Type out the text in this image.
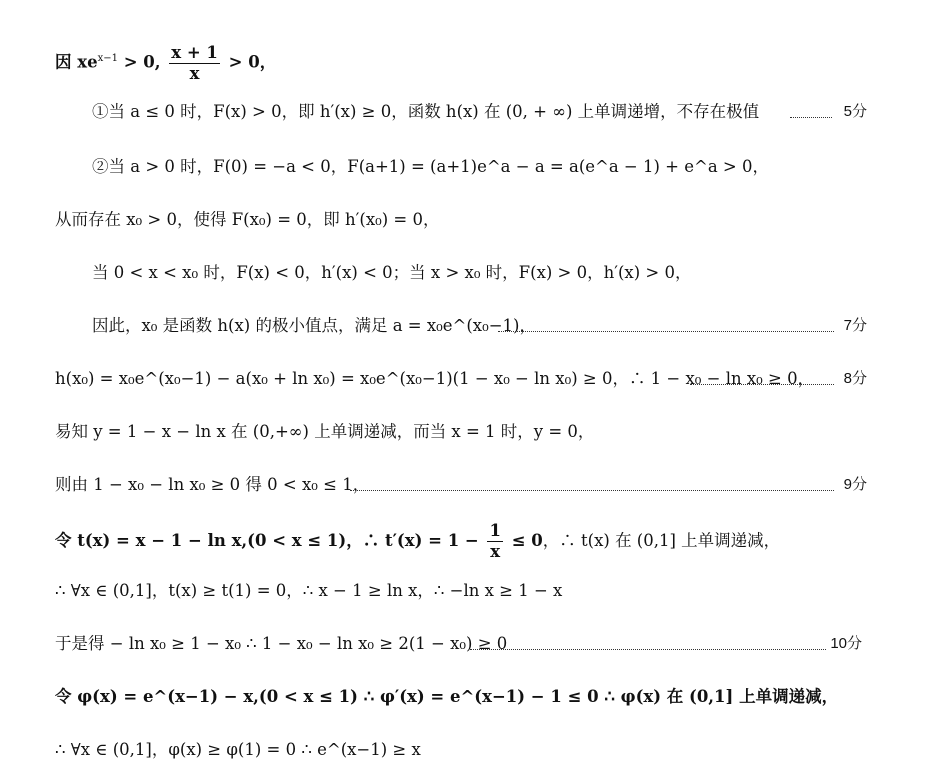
因 $xe^{x-1} > 0$, $\frac{x + 1}{x} > 0$，
①当 a ≤ 0 时，F(x) > 0，即 h′(x) ≥ 0，函数 h(x) 在 (0, + ∞) 上单调递增，不存在极值	5分
②当 a > 0 时，F(0) = −a < 0，F(a+1) = (a+1)e^a − a = a(e^a − 1) + e^a > 0，
从而存在 x₀ > 0，使得 F(x₀) = 0，即 h′(x₀) = 0，
当 0 < x < x₀ 时，F(x) < 0，h′(x) < 0；当 x > x₀ 时，F(x) > 0，h′(x) > 0，
因此，x₀ 是函数 h(x) 的极小值点，满足 a = x₀e^(x₀−1)，	7分
h(x₀) = x₀e^(x₀−1) − a(x₀ + ln x₀) = x₀e^(x₀−1)(1 − x₀ − ln x₀) ≥ 0，∴ 1 − x₀ − ln x₀ ≥ 0， 8分
易知 y = 1 − x − ln x 在 (0,+∞) 上单调递减，而当 x = 1 时，y = 0，
则由 1 − x₀ − ln x₀ ≥ 0 得 0 < x₀ ≤ 1，	9分
令 t(x) = x − 1 − ln x,(0 < x ≤ 1)，∴ $t'(x) = 1 - \frac{1}{x} \le 0$，∴ t(x) 在 (0,1] 上单调递减，
∴ ∀x ∈ (0,1]，t(x) ≥ t(1) = 0，∴ x − 1 ≥ ln x，∴ −ln x ≥ 1 − x
于是得 − ln x₀ ≥ 1 − x₀ ∴ 1 − x₀ − ln x₀ ≥ 2(1 − x₀) ≥ 0	10分
令 φ(x) = e^(x−1) − x,(0 < x ≤ 1) ∴ φ′(x) = e^(x−1) − 1 ≤ 0 ∴ φ(x) 在 (0,1] 上单调递减，
∴ ∀x ∈ (0,1]，φ(x) ≥ φ(1) = 0 ∴ e^(x−1) ≥ x
